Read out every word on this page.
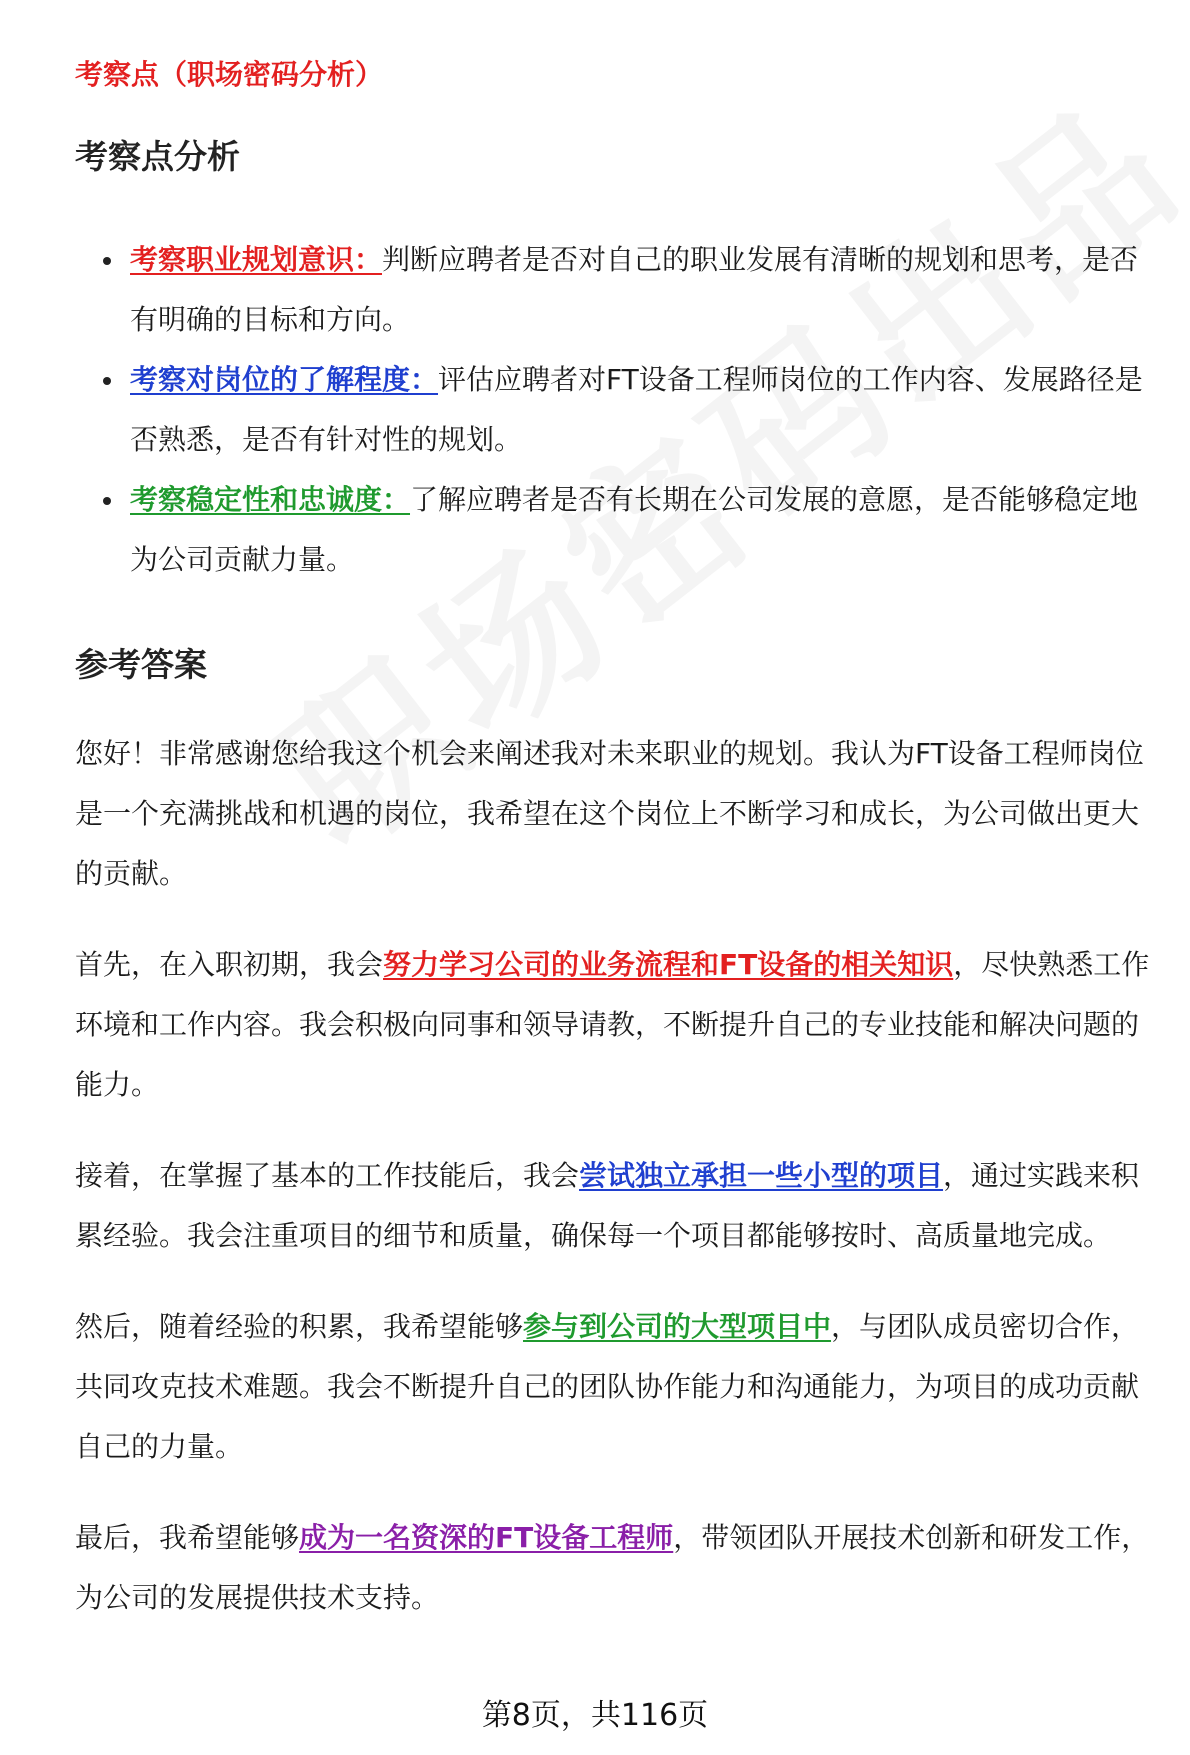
考察点（职场密码分析）

考察点分析
考察职业规划意识：判断应聘者是否对自己的职业发展有清晰的规划和思考，是否有明确的目标和方向。
考察对岗位的了解程度：评估应聘者对FT设备工程师岗位的工作内容、发展路径是否熟悉，是否有针对性的规划。
考察稳定性和忠诚度：了解应聘者是否有长期在公司发展的意愿，是否能够稳定地为公司贡献力量。
参考答案

您好！非常感谢您给我这个机会来阐述我对未来职业的规划。我认为FT设备工程师岗位是一个充满挑战和机遇的岗位，我希望在这个岗位上不断学习和成长，为公司做出更大的贡献。

首先，在入职初期，我会努力学习公司的业务流程和FT设备的相关知识，尽快熟悉工作环境和工作内容。我会积极向同事和领导请教，不断提升自己的专业技能和解决问题的能力。

接着，在掌握了基本的工作技能后，我会尝试独立承担一些小型的项目，通过实践来积累经验。我会注重项目的细节和质量，确保每一个项目都能够按时、高质量地完成。

然后，随着经验的积累，我希望能够参与到公司的大型项目中，与团队成员密切合作，共同攻克技术难题。我会不断提升自己的团队协作能力和沟通能力，为项目的成功贡献自己的力量。

最后，我希望能够成为一名资深的FT设备工程师，带领团队开展技术创新和研发工作，为公司的发展提供技术支持。

第8页，共116页
